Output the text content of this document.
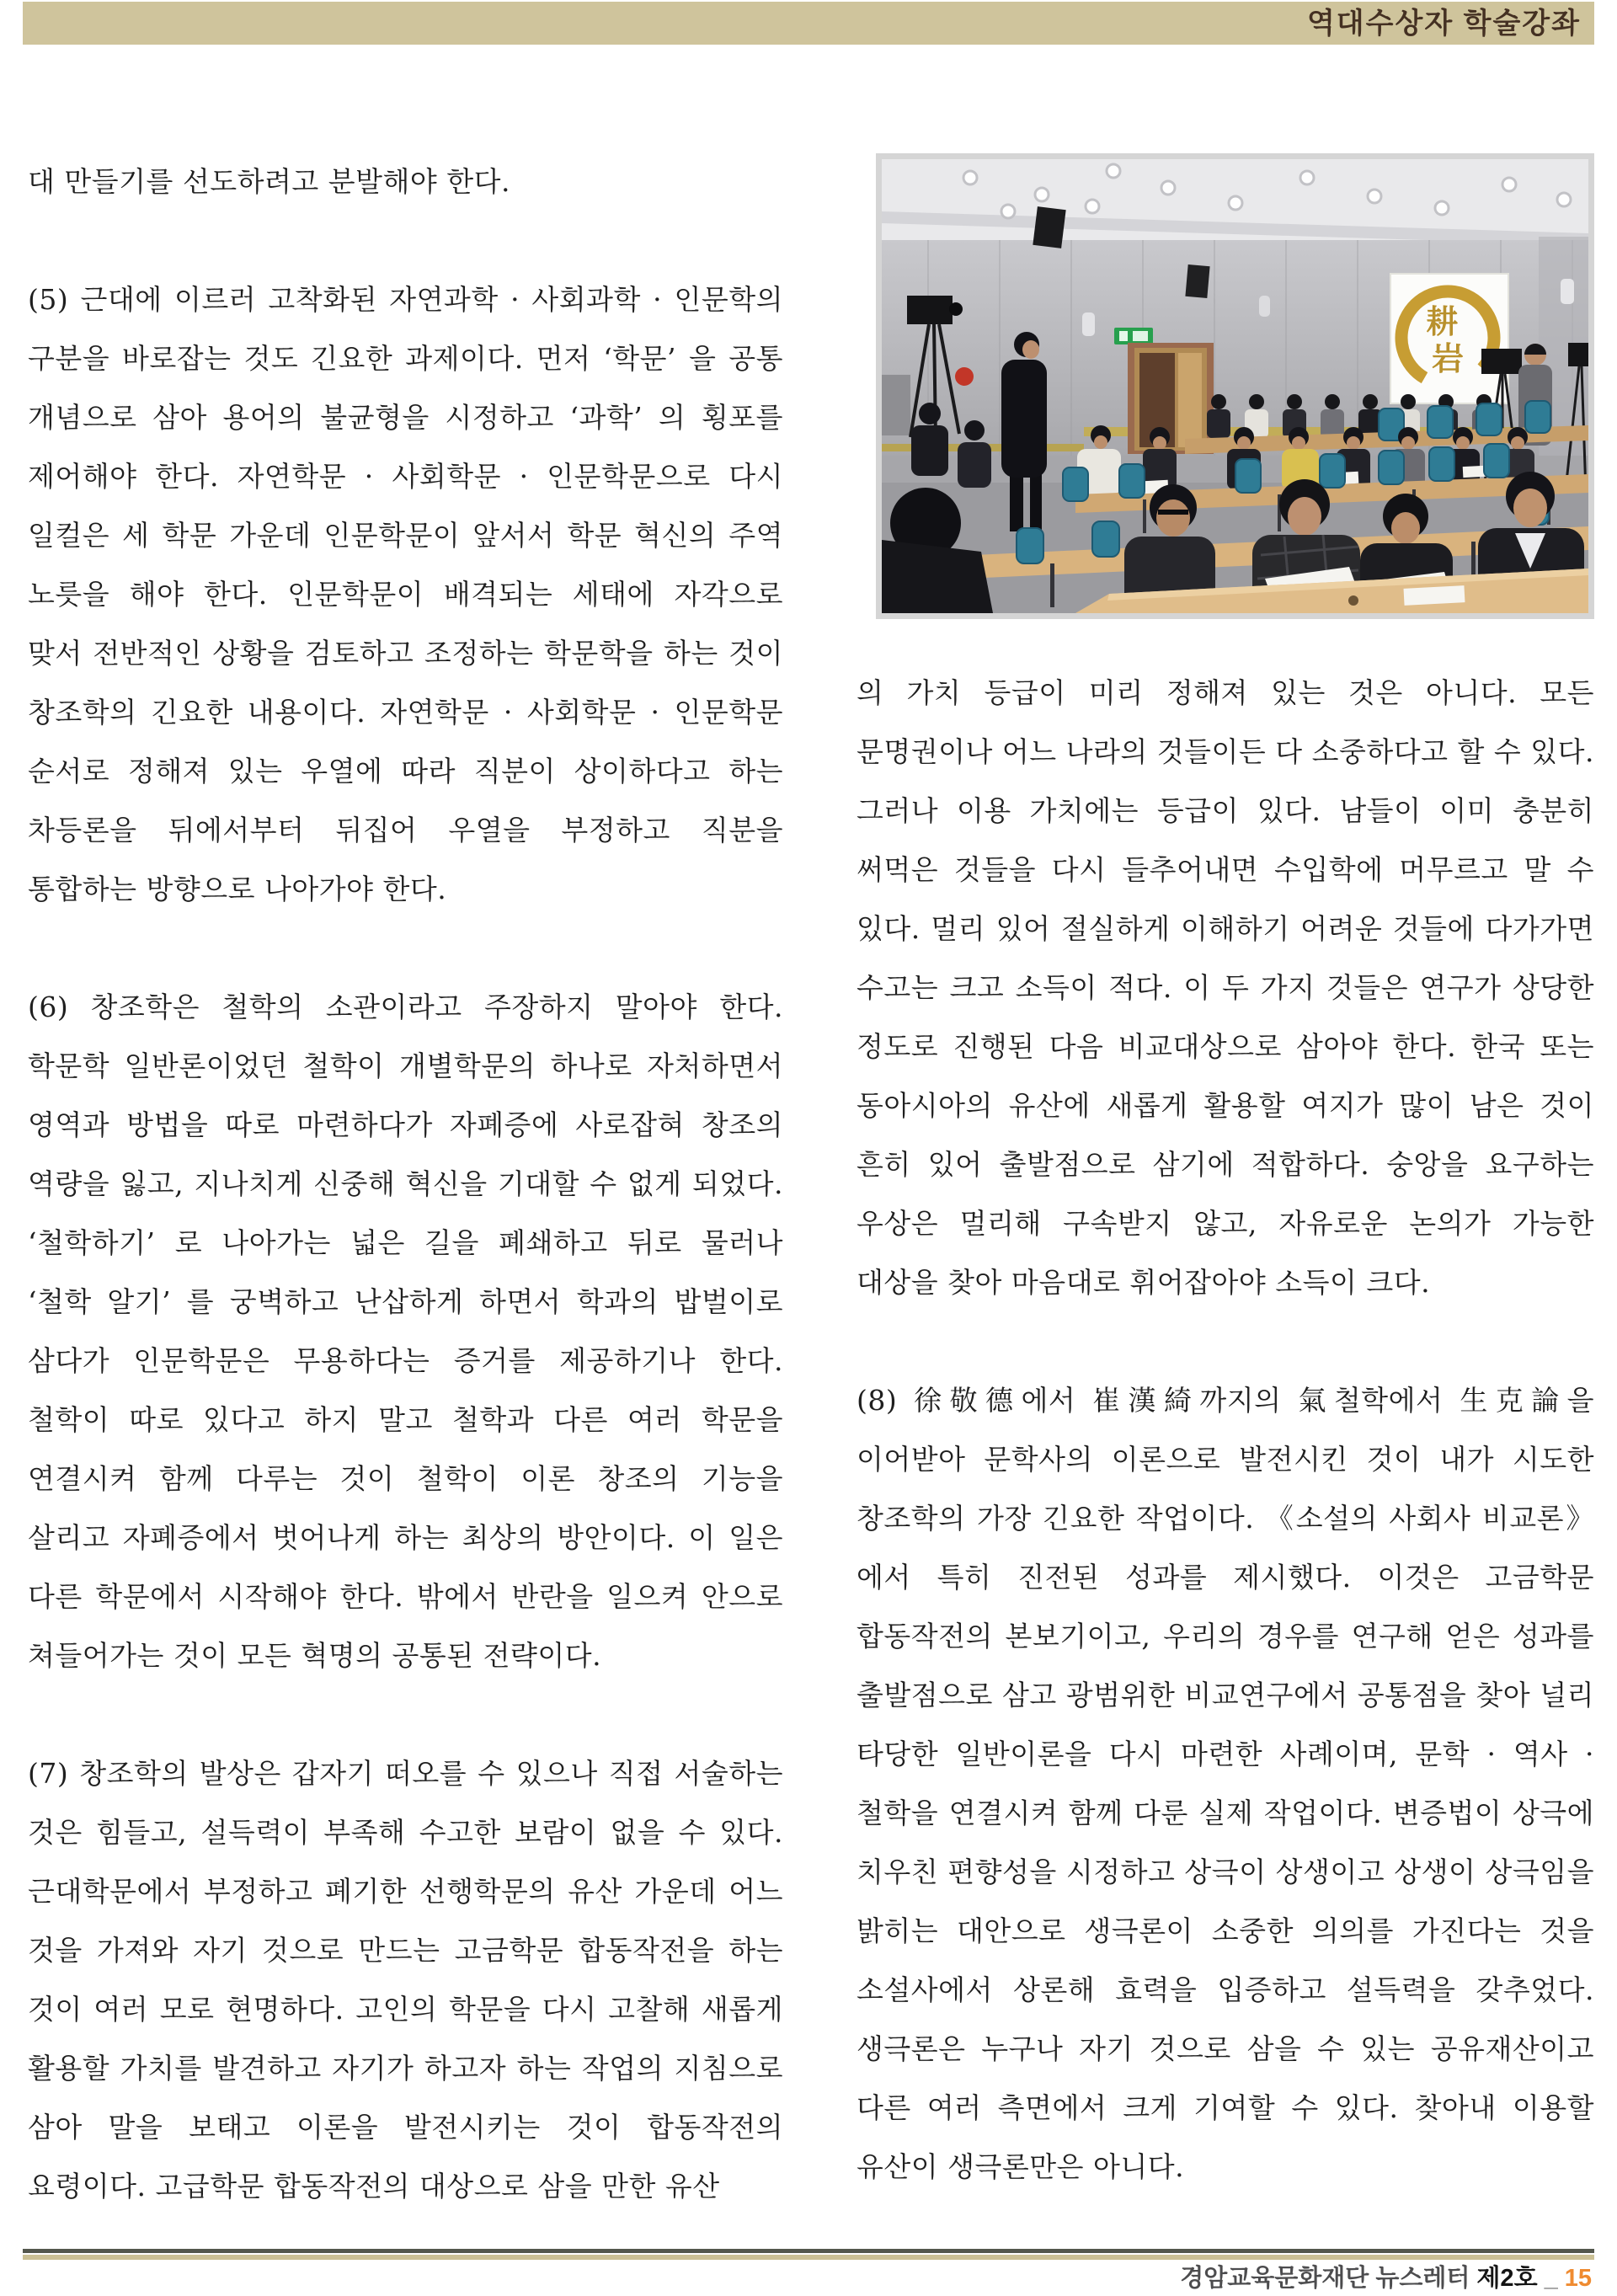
역대수상자 학술강좌

대 만들기를 선도하려고 분발해야 한다.

(5) 근대에 이르러 고착화된 자연과학 · 사회과학 · 인문학의 구분을 바로잡는 것도 긴요한 과제이다. 먼저 ‘학문’ 을 공통 개념으로 삼아 용어의 불균형을 시정하고 ‘과학’ 의 횡포를 제어해야 한다. 자연학문 · 사회학문 · 인문학문으로 다시 일컬은 세 학문 가운데 인문학문이 앞서서 학문 혁신의 주역 노릇을 해야 한다. 인문학문이 배격되는 세태에 자각으로 맞서 전반적인 상황을 검토하고 조정하는 학문학을 하는 것이 창조학의 긴요한 내용이다. 자연학문 · 사회학문 · 인문학문 순서로 정해져 있는 우열에 따라 직분이 상이하다고 하는 차등론을 뒤에서부터 뒤집어 우열을 부정하고 직분을 통합하는 방향으로 나아가야 한다.

(6) 창조학은 철학의 소관이라고 주장하지 말아야 한다. 학문학 일반론이었던 철학이 개별학문의 하나로 자처하면서 영역과 방법을 따로 마련하다가 자폐증에 사로잡혀 창조의 역량을 잃고, 지나치게 신중해 혁신을 기대할 수 없게 되었다. ‘철학하기’ 로 나아가는 넓은 길을 폐쇄하고 뒤로 물러나 ‘철학 알기’ 를 궁벽하고 난삽하게 하면서 학과의 밥벌이로 삼다가 인문학문은 무용하다는 증거를 제공하기나 한다. 철학이 따로 있다고 하지 말고 철학과 다른 여러 학문을 연결시켜 함께 다루는 것이 철학이 이론 창조의 기능을 살리고 자폐증에서 벗어나게 하는 최상의 방안이다. 이 일은 다른 학문에서 시작해야 한다. 밖에서 반란을 일으켜 안으로 쳐들어가는 것이 모든 혁명의 공통된 전략이다.

(7) 창조학의 발상은 갑자기 떠오를 수 있으나 직접 서술하는 것은 힘들고, 설득력이 부족해 수고한 보람이 없을 수 있다. 근대학문에서 부정하고 폐기한 선행학문의 유산 가운데 어느 것을 가져와 자기 것으로 만드는 고금학문 합동작전을 하는 것이 여러 모로 현명하다. 고인의 학문을 다시 고찰해 새롭게 활용할 가치를 발견하고 자기가 하고자 하는 작업의 지침으로 삼아 말을 보태고 이론을 발전시키는 것이 합동작전의 요령이다. 고급학문 합동작전의 대상으로 삼을 만한 유산

耕 岩

의 가치 등급이 미리 정해져 있는 것은 아니다. 모든 문명권이나 어느 나라의 것들이든 다 소중하다고 할 수 있다. 그러나 이용 가치에는 등급이 있다. 남들이 이미 충분히 써먹은 것들을 다시 들추어내면 수입학에 머무르고 말 수 있다. 멀리 있어 절실하게 이해하기 어려운 것들에 다가가면 수고는 크고 소득이 적다. 이 두 가지 것들은 연구가 상당한 정도로 진행된 다음 비교대상으로 삼아야 한다. 한국 또는 동아시아의 유산에 새롭게 활용할 여지가 많이 남은 것이 흔히 있어 출발점으로 삼기에 적합하다. 숭앙을 요구하는 우상은 멀리해 구속받지 않고, 자유로운 논의가 가능한 대상을 찾아 마음대로 휘어잡아야 소득이 크다.

(8) 徐敬德에서 崔漢綺까지의 氣철학에서 生克論을 이어받아 문학사의 이론으로 발전시킨 것이 내가 시도한 창조학의 가장 긴요한 작업이다. 《소설의 사회사 비교론》에서 특히 진전된 성과를 제시했다. 이것은 고금학문 합동작전의 본보기이고, 우리의 경우를 연구해 얻은 성과를 출발점으로 삼고 광범위한 비교연구에서 공통점을 찾아 널리 타당한 일반이론을 다시 마련한 사례이며, 문학 · 역사 · 철학을 연결시켜 함께 다룬 실제 작업이다. 변증법이 상극에 치우친 편향성을 시정하고 상극이 상생이고 상생이 상극임을 밝히는 대안으로 생극론이 소중한 의의를 가진다는 것을 소설사에서 상론해 효력을 입증하고 설득력을 갖추었다. 생극론은 누구나 자기 것으로 삼을 수 있는 공유재산이고 다른 여러 측면에서 크게 기여할 수 있다. 찾아내 이용할 유산이 생극론만은 아니다.

경암교육문화재단 뉴스레터 제2호 _ 15
